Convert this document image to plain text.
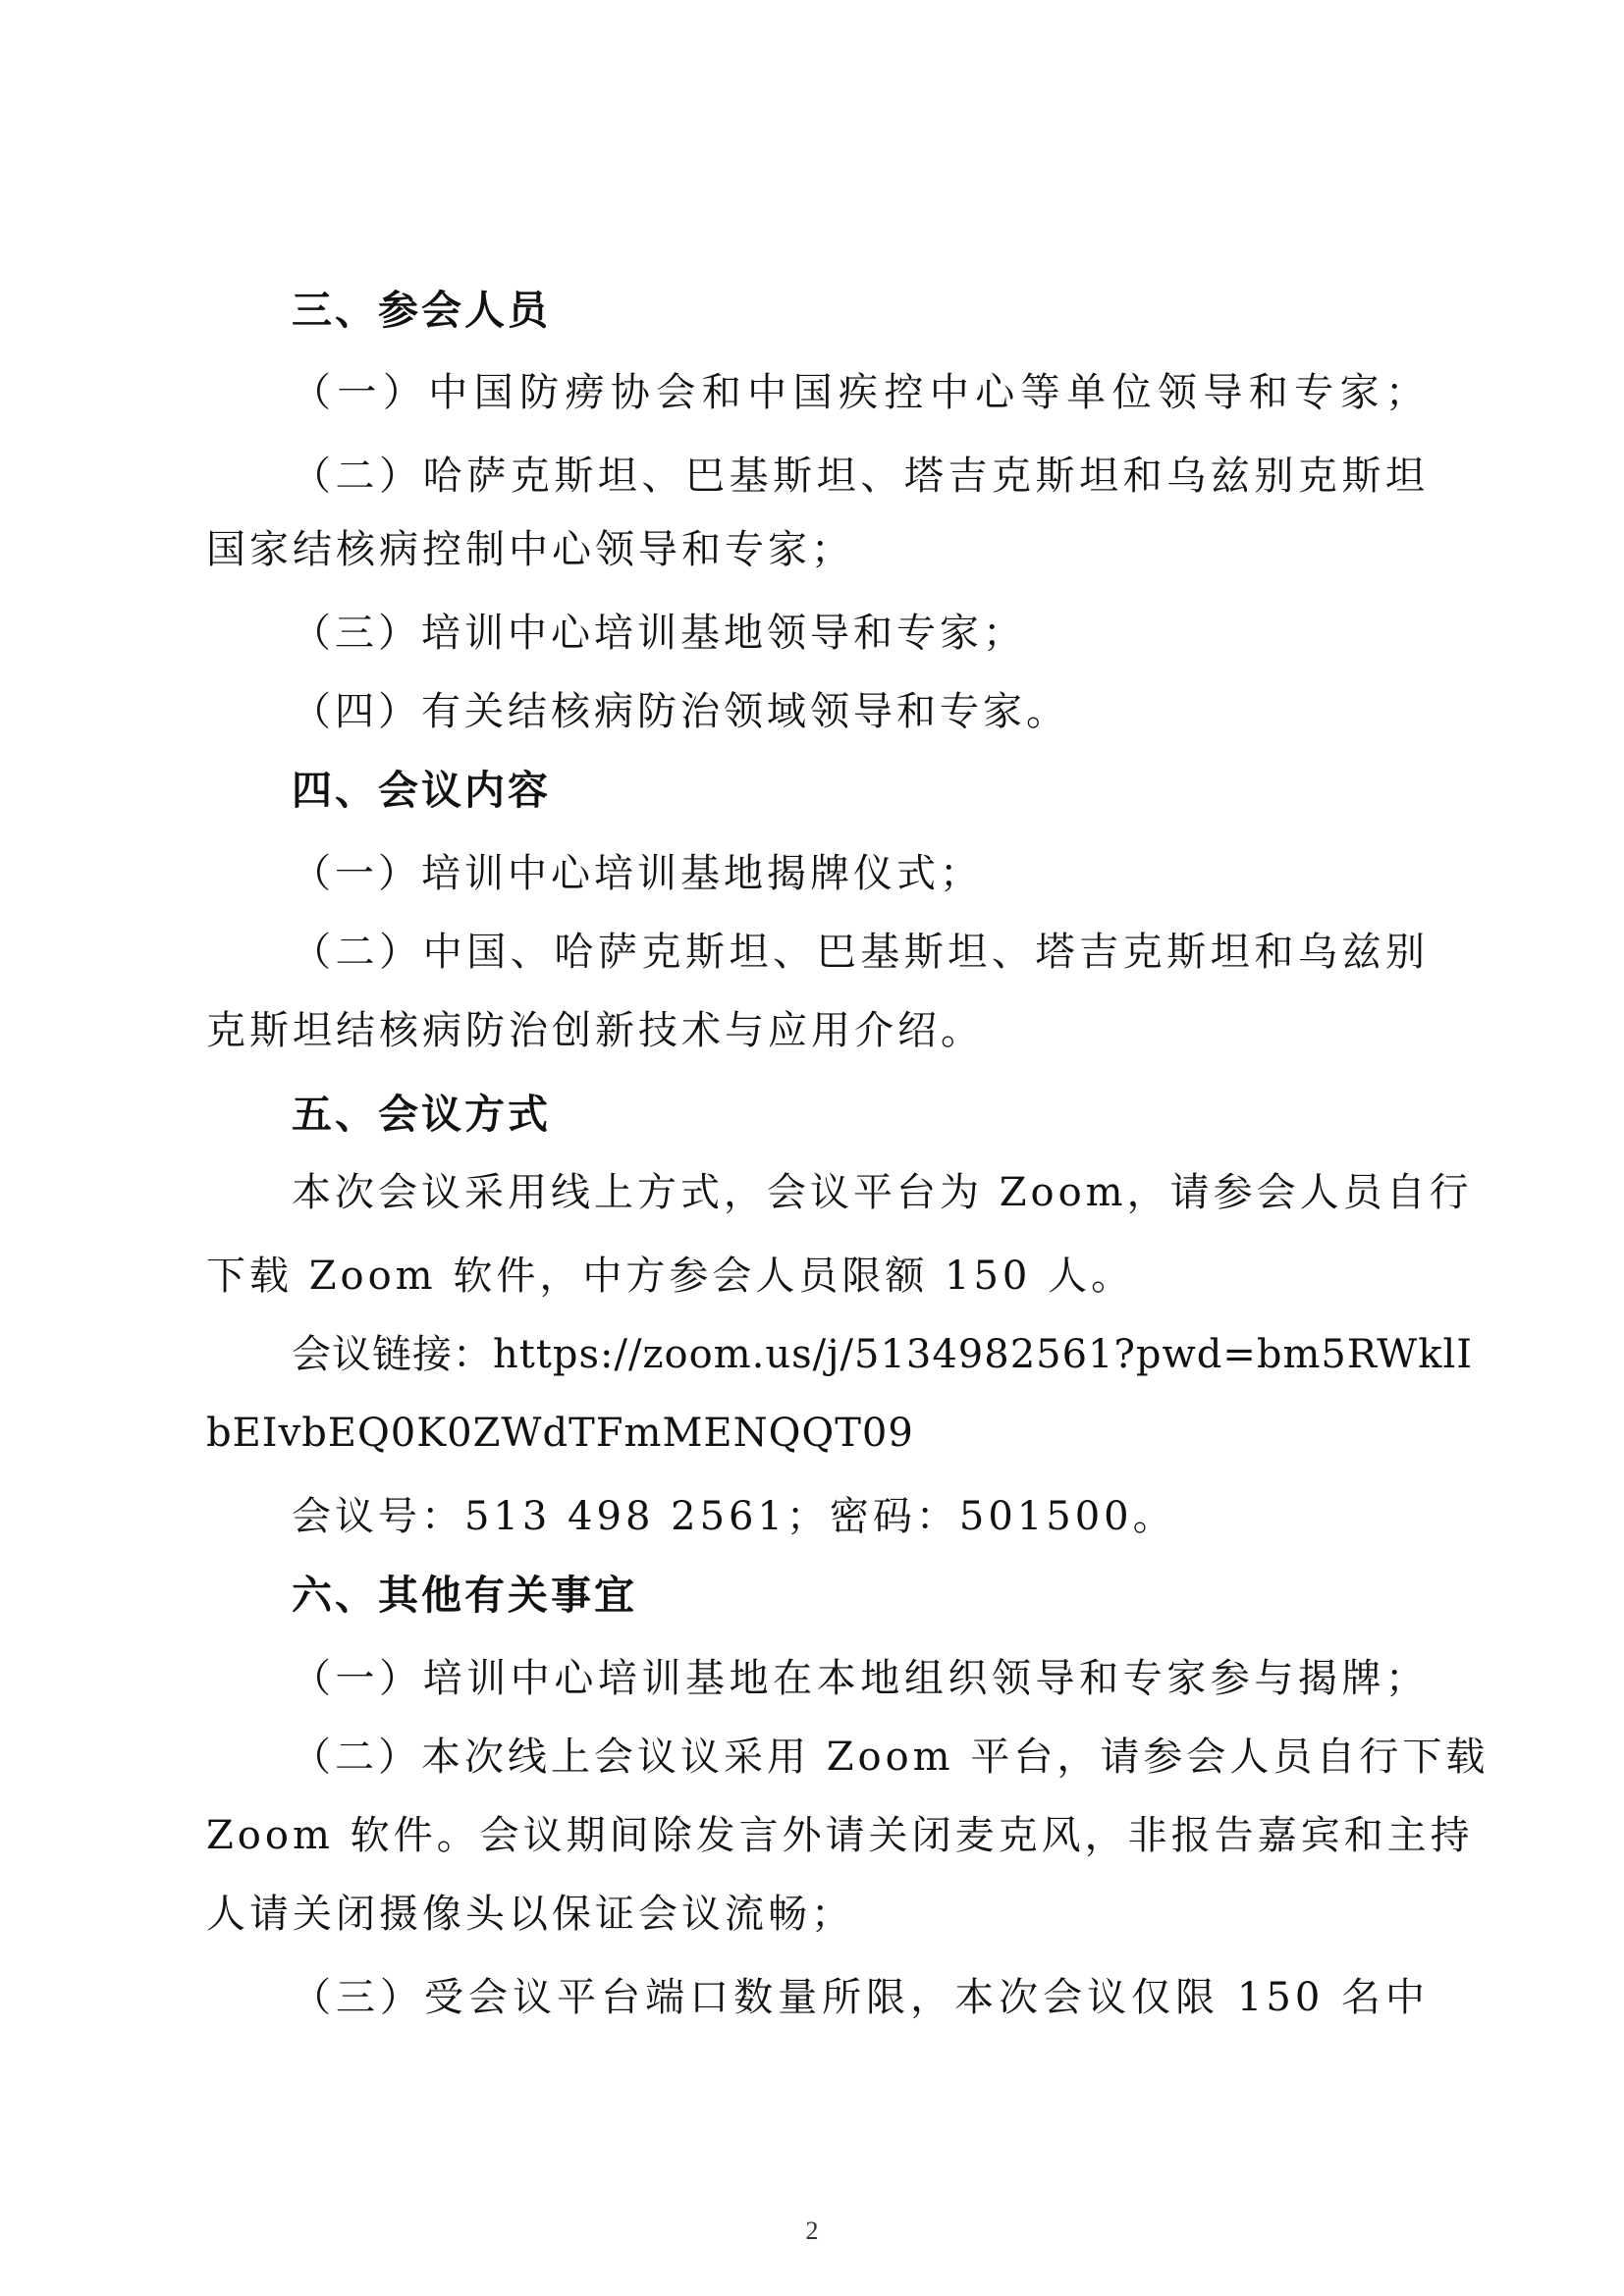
三、参会人员
（一）中国防痨协会和中国疾控中心等单位领导和专家；
（二）哈萨克斯坦、巴基斯坦、塔吉克斯坦和乌兹别克斯坦
国家结核病控制中心领导和专家；
（三）培训中心培训基地领导和专家；
（四）有关结核病防治领域领导和专家。
四、会议内容
（一）培训中心培训基地揭牌仪式；
（二）中国、哈萨克斯坦、巴基斯坦、塔吉克斯坦和乌兹别
克斯坦结核病防治创新技术与应用介绍。
五、会议方式
本次会议采用线上方式，会议平台为 Zoom，请参会人员自行
下载 Zoom 软件，中方参会人员限额 150 人。
会议链接：https://zoom.us/j/5134982561?pwd=bm5RWklI
bEIvbEQ0K0ZWdTFmMENQQT09
会议号：513 498 2561；密码：501500。
六、其他有关事宜
（一）培训中心培训基地在本地组织领导和专家参与揭牌；
（二）本次线上会议议采用 Zoom 平台，请参会人员自行下载
Zoom 软件。会议期间除发言外请关闭麦克风，非报告嘉宾和主持
人请关闭摄像头以保证会议流畅；
（三）受会议平台端口数量所限，本次会议仅限 150 名中
2
